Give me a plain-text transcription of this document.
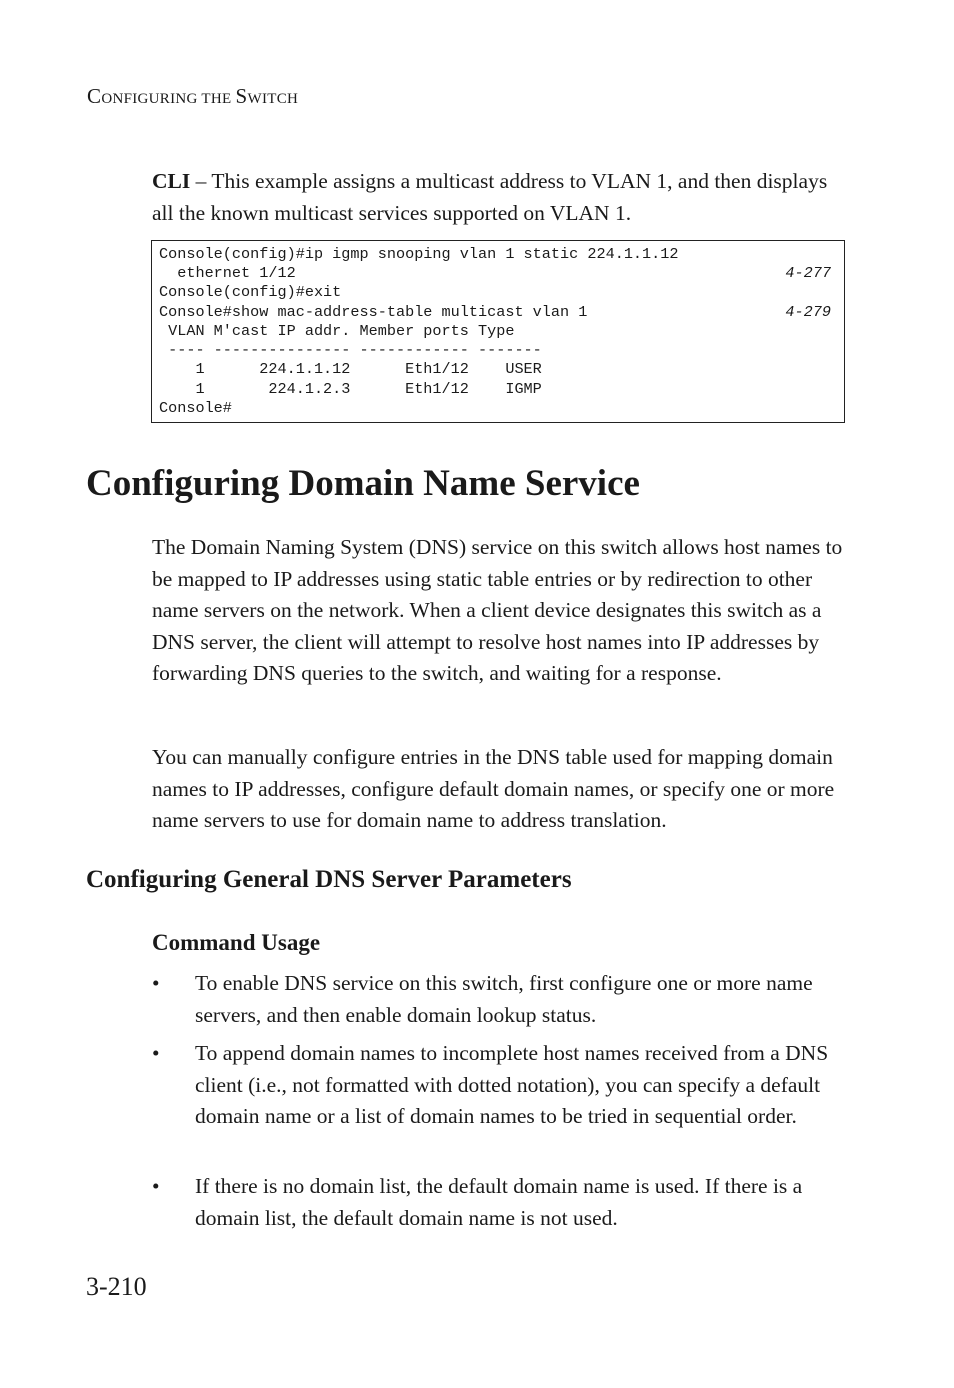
CONFIGURING THE SWITCH
CLI – This example assigns a multicast address to VLAN 1, and then displays all the known multicast services supported on VLAN 1.
Console(config)#ip igmp snooping vlan 1 static 224.1.1.12
ethernet 1/12	4-277
Console(config)#exit
Console#show mac-address-table multicast vlan 1	4-279
VLAN M'cast IP addr. Member ports Type
---- --------------- ------------ -------
1      224.1.1.12      Eth1/12    USER
1       224.1.2.3      Eth1/12    IGMP
Console#
Configuring Domain Name Service

The Domain Naming System (DNS) service on this switch allows host names to be mapped to IP addresses using static table entries or by redirection to other name servers on the network. When a client device designates this switch as a DNS server, the client will attempt to resolve host names into IP addresses by forwarding DNS queries to the switch, and waiting for a response.

You can manually configure entries in the DNS table used for mapping domain names to IP addresses, configure default domain names, or specify one or more name servers to use for domain name to address translation.

Configuring General DNS Server Parameters
Command Usage
• To enable DNS service on this switch, first configure one or more name servers, and then enable domain lookup status.
• To append domain names to incomplete host names received from a DNS client (i.e., not formatted with dotted notation), you can specify a default domain name or a list of domain names to be tried in sequential order.
• If there is no domain list, the default domain name is used. If there is a domain list, the default domain name is not used.
3-210
